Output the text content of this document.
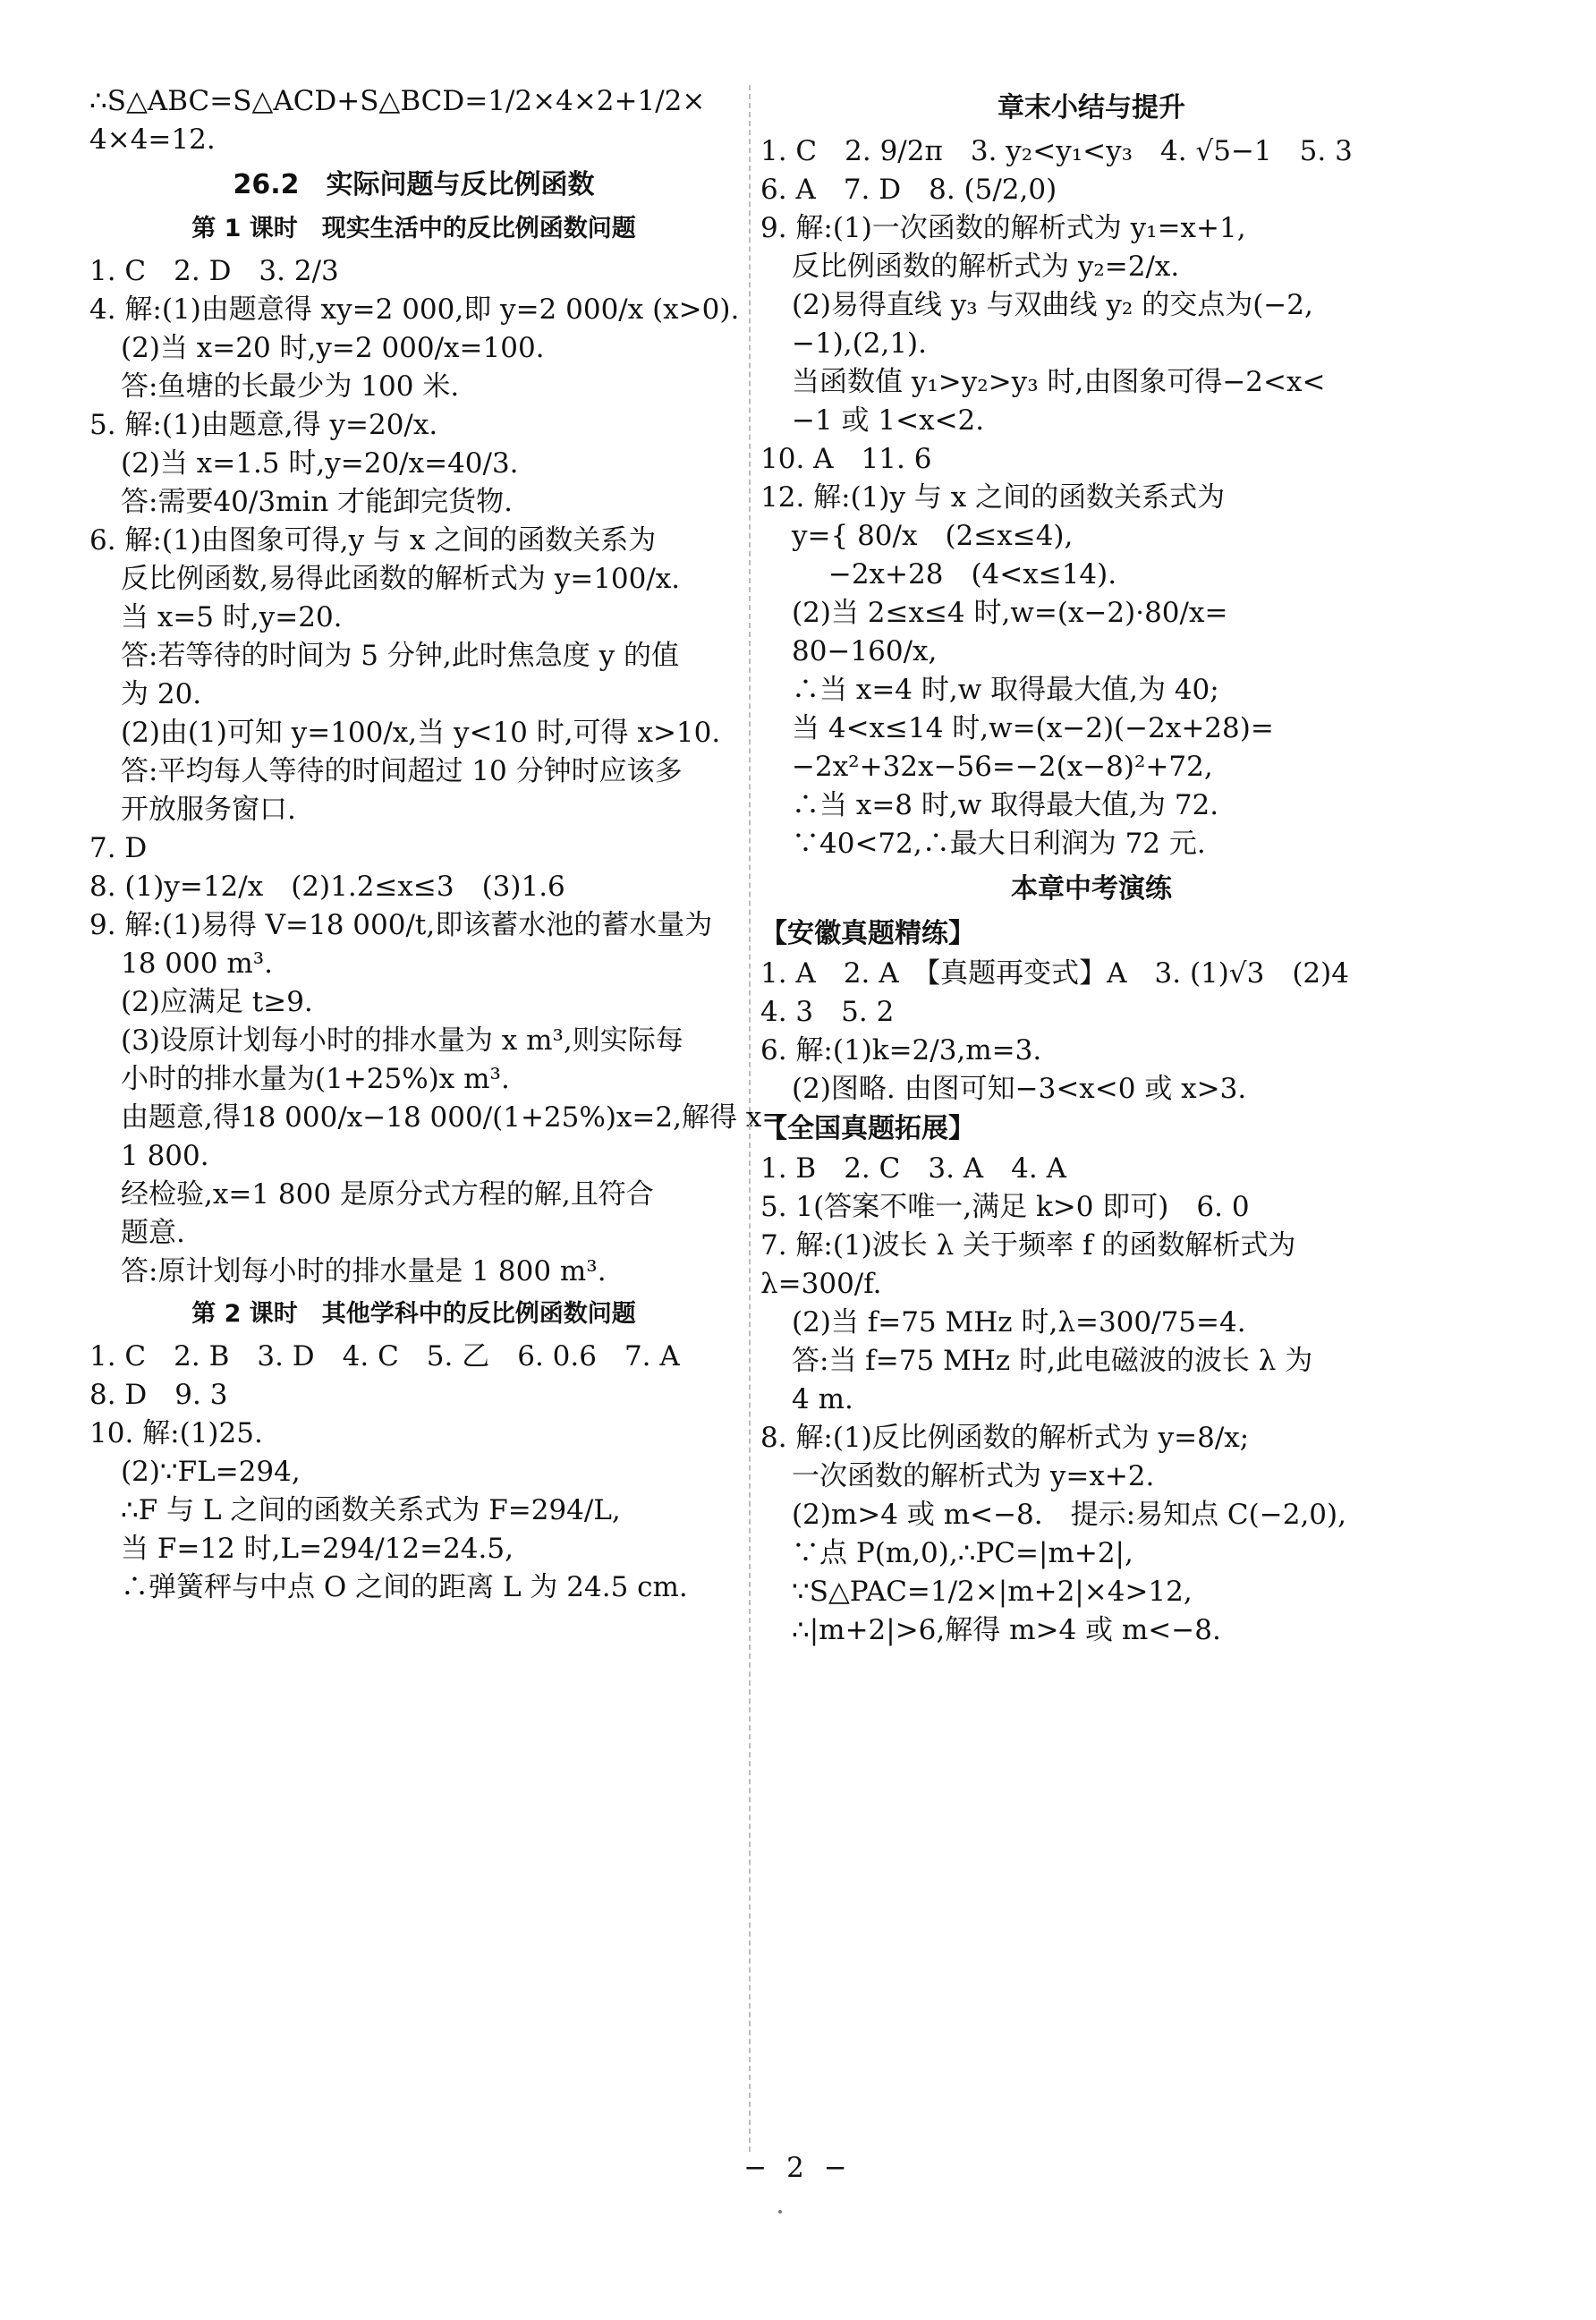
∴S△ABC=S△ACD+S△BCD=1/2×4×2+1/2×
4×4=12.
26.2　实际问题与反比例函数
第 1 课时　现实生活中的反比例函数问题
1. C　2. D　3. 2/3
4. 解:(1)由题意得 xy=2 000,即 y=2 000/x (x>0).
(2)当 x=20 时,y=2 000/x=100.
答:鱼塘的长最少为 100 米.
5. 解:(1)由题意,得 y=20/x.
(2)当 x=1.5 时,y=20/x=40/3.
答:需要40/3min 才能卸完货物.
6. 解:(1)由图象可得,y 与 x 之间的函数关系为
反比例函数,易得此函数的解析式为 y=100/x.
当 x=5 时,y=20.
答:若等待的时间为 5 分钟,此时焦急度 y 的值
为 20.
(2)由(1)可知 y=100/x,当 y<10 时,可得 x>10.
答:平均每人等待的时间超过 10 分钟时应该多
开放服务窗口.
7. D
8. (1)y=12/x　(2)1.2≤x≤3　(3)1.6
9. 解:(1)易得 V=18 000/t,即该蓄水池的蓄水量为
18 000 m³.
(2)应满足 t≥9.
(3)设原计划每小时的排水量为 x m³,则实际每
小时的排水量为(1+25%)x m³.
由题意,得18 000/x−18 000/(1+25%)x=2,解得 x=
1 800.
经检验,x=1 800 是原分式方程的解,且符合
题意.
答:原计划每小时的排水量是 1 800 m³.
第 2 课时　其他学科中的反比例函数问题
1. C　2. B　3. D　4. C　5. 乙　6. 0.6　7. A
8. D　9. 3
10. 解:(1)25.
(2)∵FL=294,
∴F 与 L 之间的函数关系式为 F=294/L,
当 F=12 时,L=294/12=24.5,
∴弹簧秤与中点 O 之间的距离 L 为 24.5 cm.
章末小结与提升
1. C　2. 9/2π　3. y₂<y₁<y₃　4. √5−1　5. 3
6. A　7. D　8. (5/2,0)
9. 解:(1)一次函数的解析式为 y₁=x+1,
反比例函数的解析式为 y₂=2/x.
(2)易得直线 y₃ 与双曲线 y₂ 的交点为(−2,
−1),(2,1).
当函数值 y₁>y₂>y₃ 时,由图象可得−2<x<
−1 或 1<x<2.
10. A　11. 6
12. 解:(1)y 与 x 之间的函数关系式为
y={ 80/x　(2≤x≤4),
　 −2x+28　(4<x≤14).
(2)当 2≤x≤4 时,w=(x−2)·80/x=
80−160/x,
∴当 x=4 时,w 取得最大值,为 40;
当 4<x≤14 时,w=(x−2)(−2x+28)=
−2x²+32x−56=−2(x−8)²+72,
∴当 x=8 时,w 取得最大值,为 72.
∵40<72,∴最大日利润为 72 元.
本章中考演练
【安徽真题精练】
1. A　2. A　【真题再变式】A　3. (1)√3　(2)4
4. 3　5. 2
6. 解:(1)k=2/3,m=3.
(2)图略. 由图可知−3<x<0 或 x>3.
【全国真题拓展】
1. B　2. C　3. A　4. A
5. 1(答案不唯一,满足 k>0 即可)　6. 0
7. 解:(1)波长 λ 关于频率 f 的函数解析式为
λ=300/f.
(2)当 f=75 MHz 时,λ=300/75=4.
答:当 f=75 MHz 时,此电磁波的波长 λ 为
4 m.
8. 解:(1)反比例函数的解析式为 y=8/x;
一次函数的解析式为 y=x+2.
(2)m>4 或 m<−8.　提示:易知点 C(−2,0),
∵点 P(m,0),∴PC=|m+2|,
∵S△PAC=1/2×|m+2|×4>12,
∴|m+2|>6,解得 m>4 或 m<−8.
− 2 −
